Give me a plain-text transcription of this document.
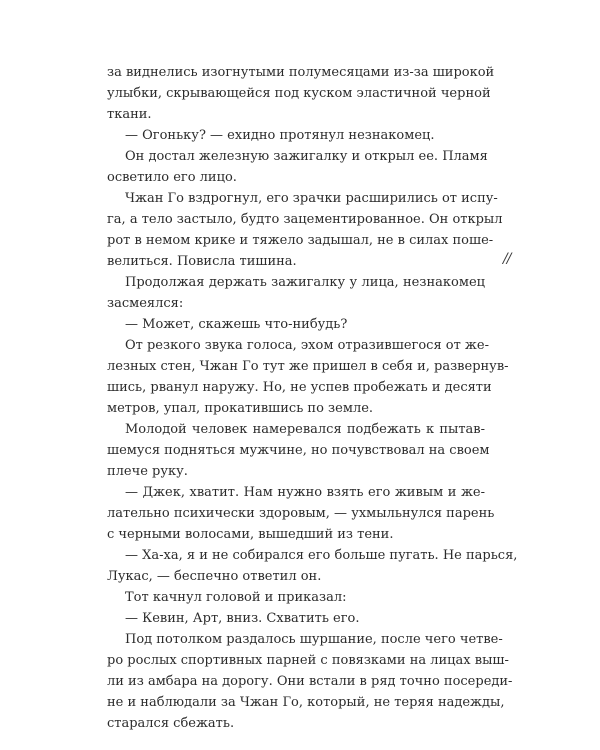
за виднелись изогнутыми полумесяцами из-за широкой
улыбки, скрывающейся под куском эластичной черной
ткани.
— Огоньку? — ехидно протянул незнакомец.
Он достал железную зажигалку и открыл ее. Пламя
осветило его лицо.
Чжан Го вздрогнул, его зрачки расширились от испу-
га, а тело застыло, будто зацементированное. Он открыл
рот в немом крике и тяжело задышал, не в силах поше-
велиться. Повисла тишина.
Продолжая держать зажигалку у лица, незнакомец
засмеялся:
— Может, скажешь что-нибудь?
От резкого звука голоса, эхом отразившегося от же-
лезных стен, Чжан Го тут же пришел в себя и, развернув-
шись, рванул наружу. Но, не успев пробежать и десяти
метров, упал, прокатившись по земле.
Молодой человек намеревался подбежать к пытав-
шемуся подняться мужчине, но почувствовал на своем
плече руку.
— Джек, хватит. Нам нужно взять его живым и же-
лательно психически здоровым, — ухмыльнулся парень
с черными волосами, вышедший из тени.
— Ха-ха, я и не собирался его больше пугать. Не парься,
Лукас, — беспечно ответил он.
Тот качнул головой и приказал:
— Кевин, Арт, вниз. Схватить его.
Под потолком раздалось шуршание, после чего четве-
ро рослых спортивных парней с повязками на лицах выш-
ли из амбара на дорогу. Они встали в ряд точно посереди-
не и наблюдали за Чжан Го, который, не теряя надежды,
старался сбежать.
//
